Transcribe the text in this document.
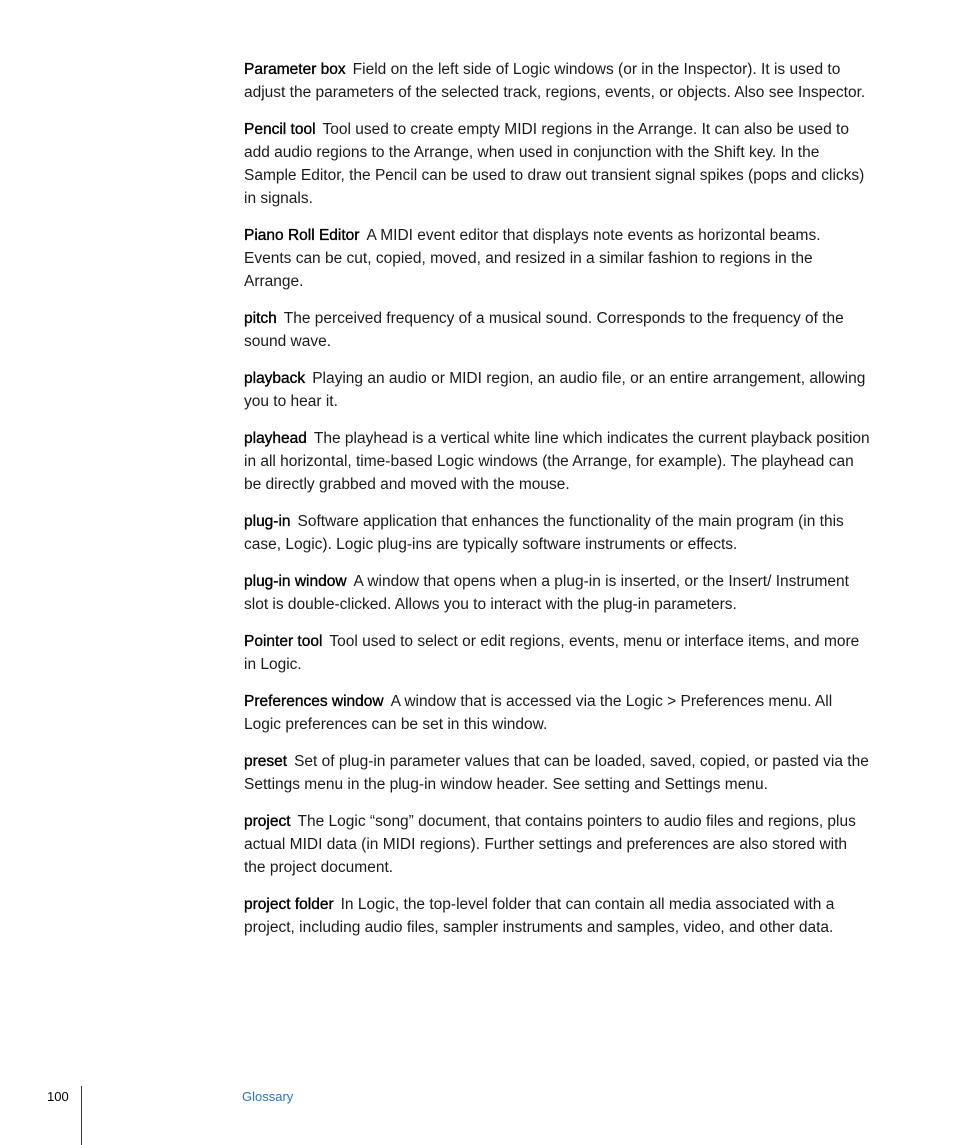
Parameter box Field on the left side of Logic windows (or in the Inspector). It is used to adjust the parameters of the selected track, regions, events, or objects. Also see Inspector.

Pencil tool Tool used to create empty MIDI regions in the Arrange. It can also be used to add audio regions to the Arrange, when used in conjunction with the Shift key. In the Sample Editor, the Pencil can be used to draw out transient signal spikes (pops and clicks) in signals.

Piano Roll Editor A MIDI event editor that displays note events as horizontal beams. Events can be cut, copied, moved, and resized in a similar fashion to regions in the Arrange.

pitch The perceived frequency of a musical sound. Corresponds to the frequency of the sound wave.

playback Playing an audio or MIDI region, an audio file, or an entire arrangement, allowing you to hear it.

playhead The playhead is a vertical white line which indicates the current playback position in all horizontal, time-based Logic windows (the Arrange, for example). The playhead can be directly grabbed and moved with the mouse.

plug-in Software application that enhances the functionality of the main program (in this case, Logic). Logic plug-ins are typically software instruments or effects.

plug-in window A window that opens when a plug-in is inserted, or the Insert/ Instrument slot is double-clicked. Allows you to interact with the plug-in parameters.

Pointer tool Tool used to select or edit regions, events, menu or interface items, and more in Logic.

Preferences window A window that is accessed via the Logic > Preferences menu. All Logic preferences can be set in this window.

preset Set of plug-in parameter values that can be loaded, saved, copied, or pasted via the Settings menu in the plug-in window header. See setting and Settings menu.

project The Logic “song” document, that contains pointers to audio files and regions, plus actual MIDI data (in MIDI regions). Further settings and preferences are also stored with the project document.

project folder In Logic, the top-level folder that can contain all media associated with a project, including audio files, sampler instruments and samples, video, and other data.

100	Glossary
